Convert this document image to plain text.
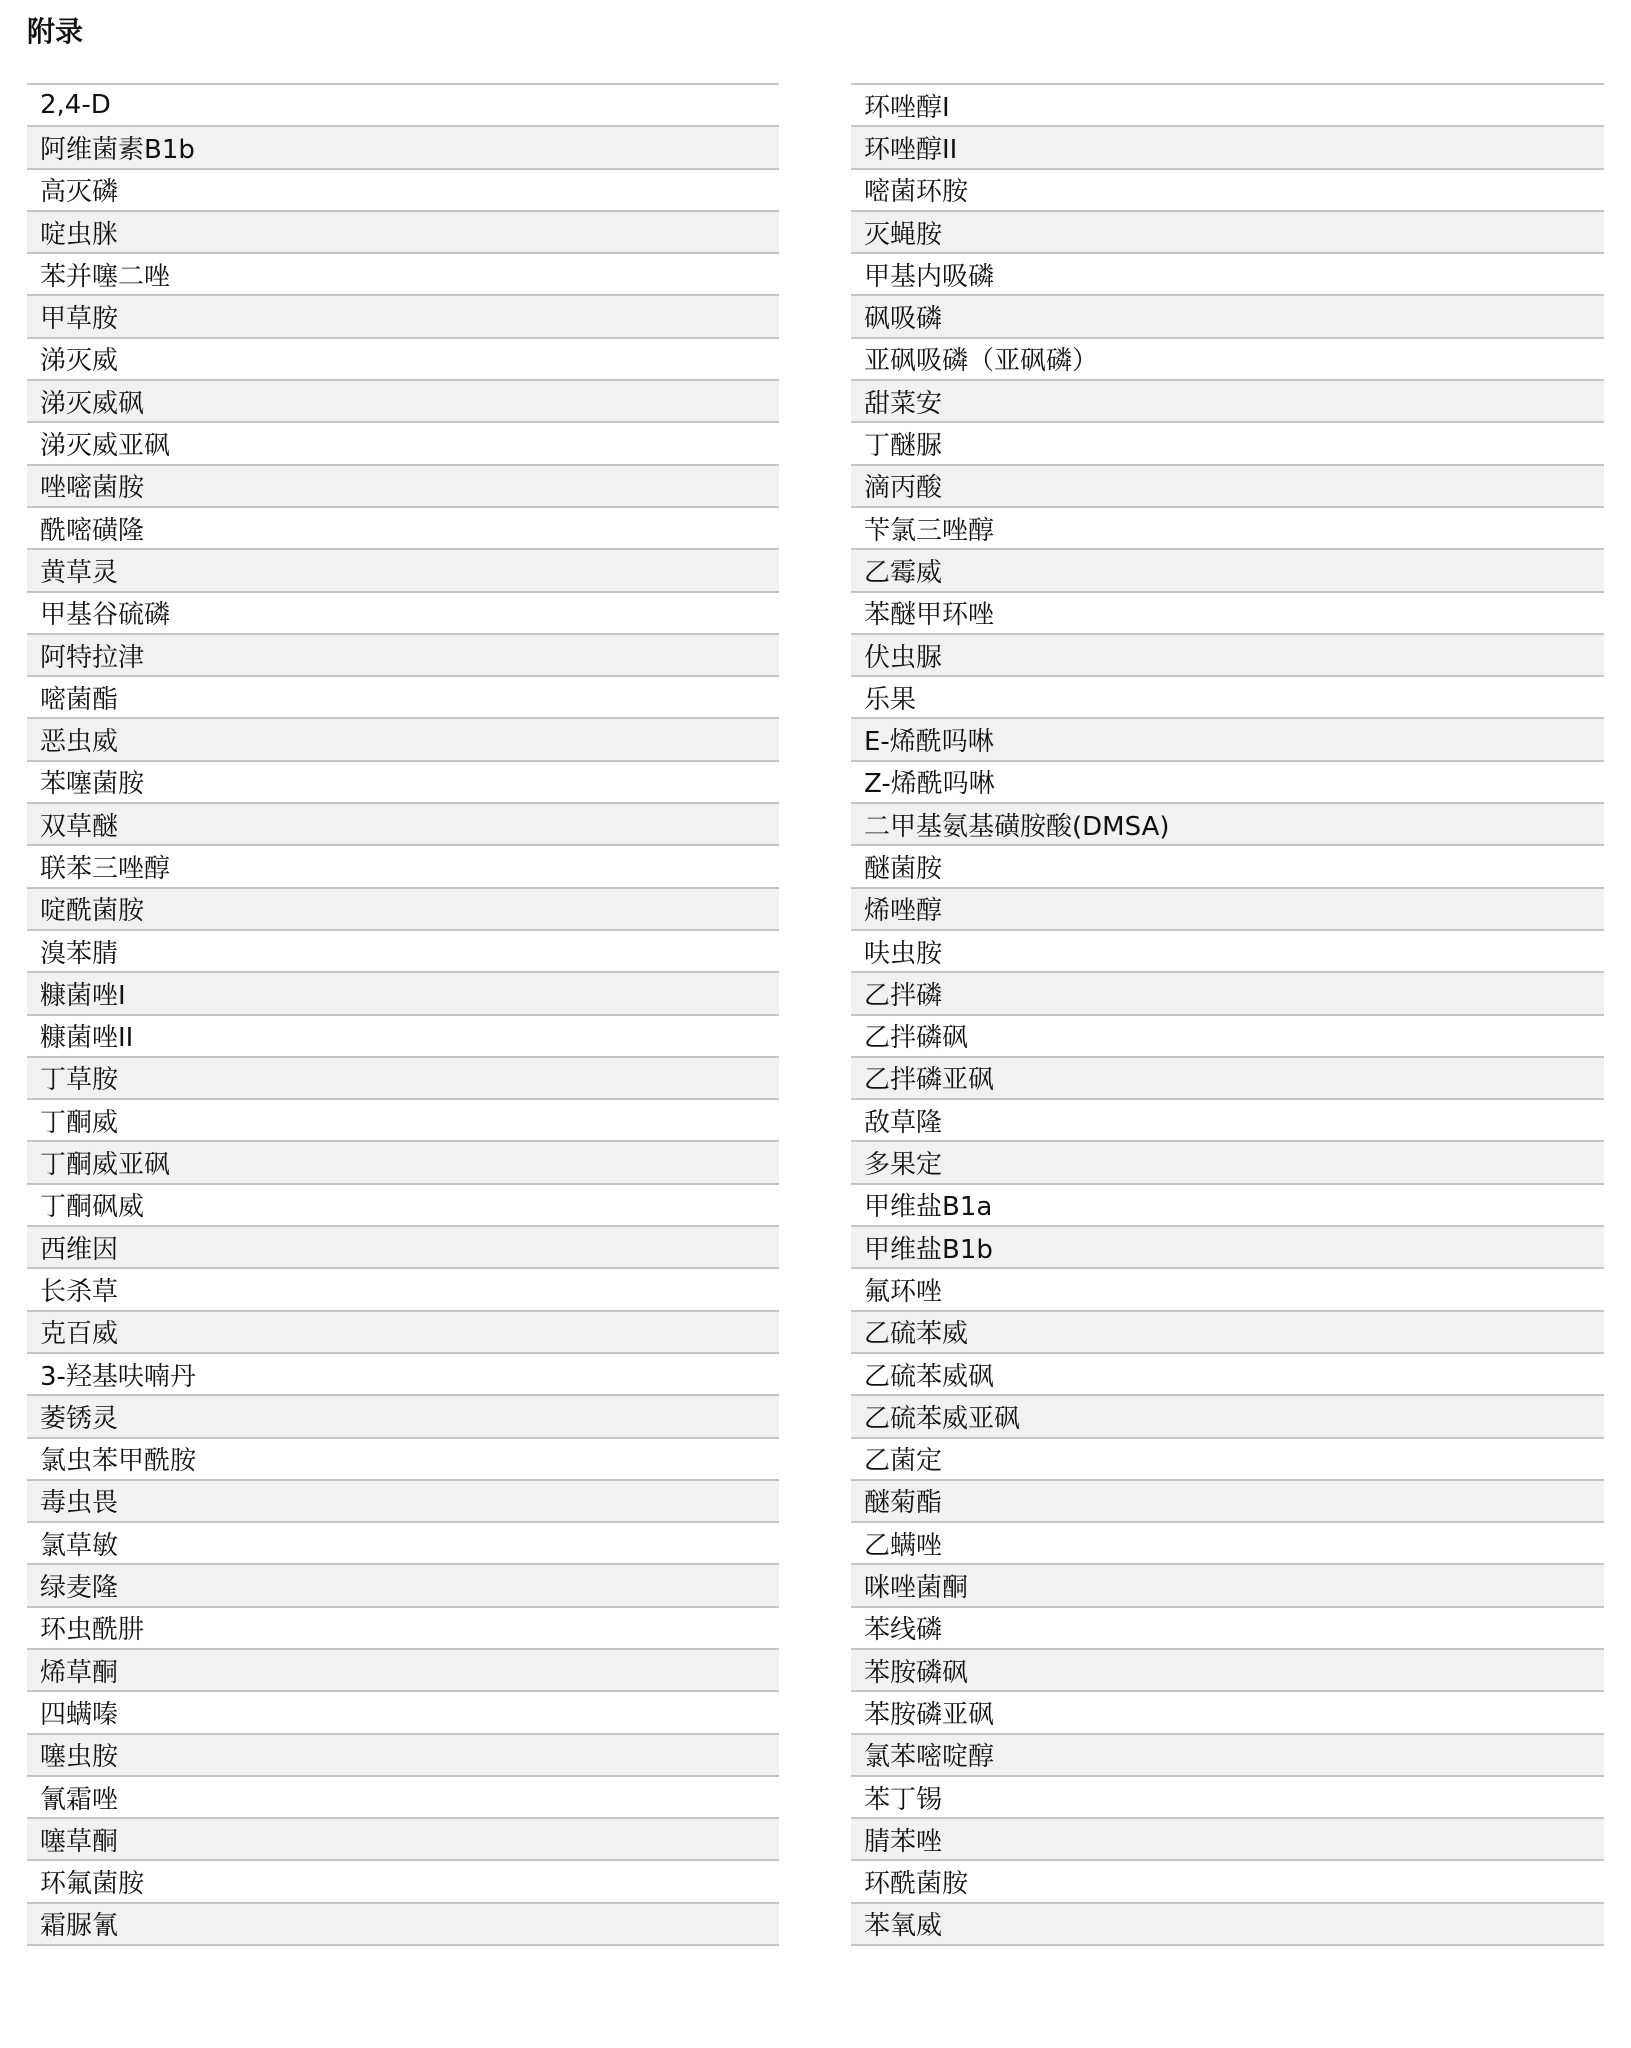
附录
2,4-D
阿维菌素B1b
高灭磷
啶虫脒
苯并噻二唑
甲草胺
涕灭威
涕灭威砜
涕灭威亚砜
唑嘧菌胺
酰嘧磺隆
黄草灵
甲基谷硫磷
阿特拉津
嘧菌酯
恶虫威
苯噻菌胺
双草醚
联苯三唑醇
啶酰菌胺
溴苯腈
糠菌唑I
糠菌唑II
丁草胺
丁酮威
丁酮威亚砜
丁酮砜威
西维因
长杀草
克百威
3-羟基呋喃丹
萎锈灵
氯虫苯甲酰胺
毒虫畏
氯草敏
绿麦隆
环虫酰肼
烯草酮
四螨嗪
噻虫胺
氰霜唑
噻草酮
环氟菌胺
霜脲氰
环唑醇I
环唑醇II
嘧菌环胺
灭蝇胺
甲基内吸磷
砜吸磷
亚砜吸磷（亚砜磷）
甜菜安
丁醚脲
滴丙酸
苄氯三唑醇
乙霉威
苯醚甲环唑
伏虫脲
乐果
E-烯酰吗啉
Z-烯酰吗啉
二甲基氨基磺胺酸(DMSA)
醚菌胺
烯唑醇
呋虫胺
乙拌磷
乙拌磷砜
乙拌磷亚砜
敌草隆
多果定
甲维盐B1a
甲维盐B1b
氟环唑
乙硫苯威
乙硫苯威砜
乙硫苯威亚砜
乙菌定
醚菊酯
乙螨唑
咪唑菌酮
苯线磷
苯胺磷砜
苯胺磷亚砜
氯苯嘧啶醇
苯丁锡
腈苯唑
环酰菌胺
苯氧威
